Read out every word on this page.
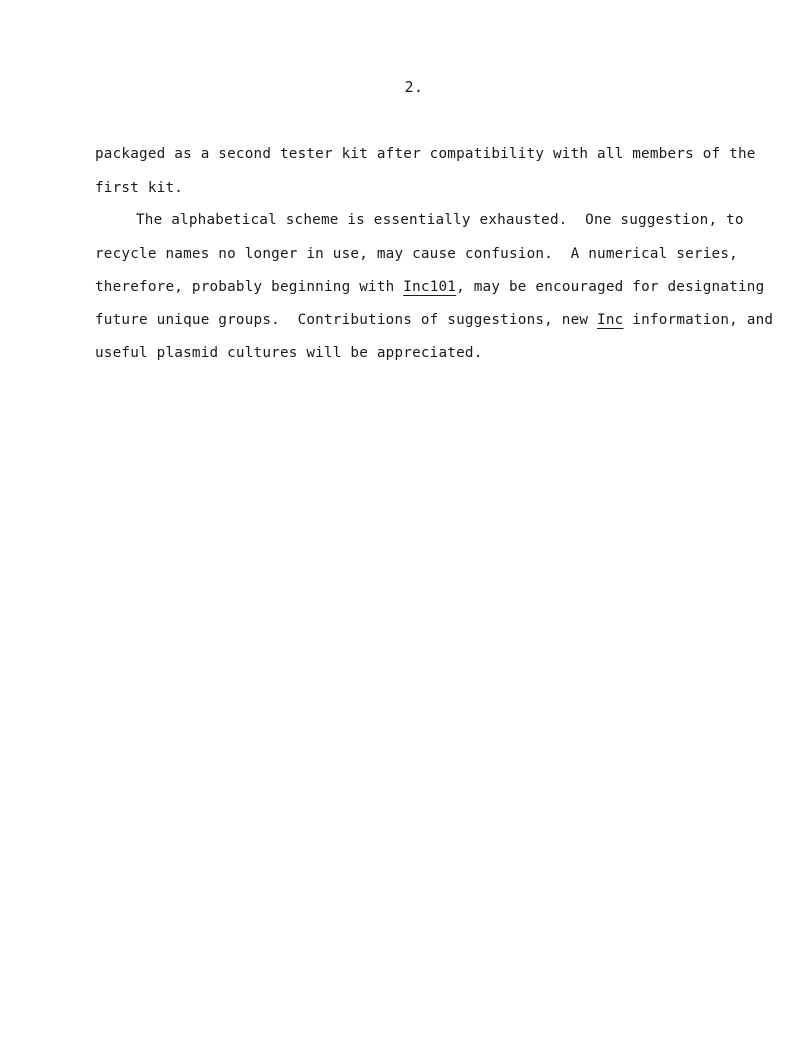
2.
packaged as a second tester kit after compatibility with all members of the
first kit.
The alphabetical scheme is essentially exhausted.  One suggestion, to
recycle names no longer in use, may cause confusion.  A numerical series,
therefore, probably beginning with Inc101, may be encouraged for designating
future unique groups.  Contributions of suggestions, new Inc information, and
useful plasmid cultures will be appreciated.
